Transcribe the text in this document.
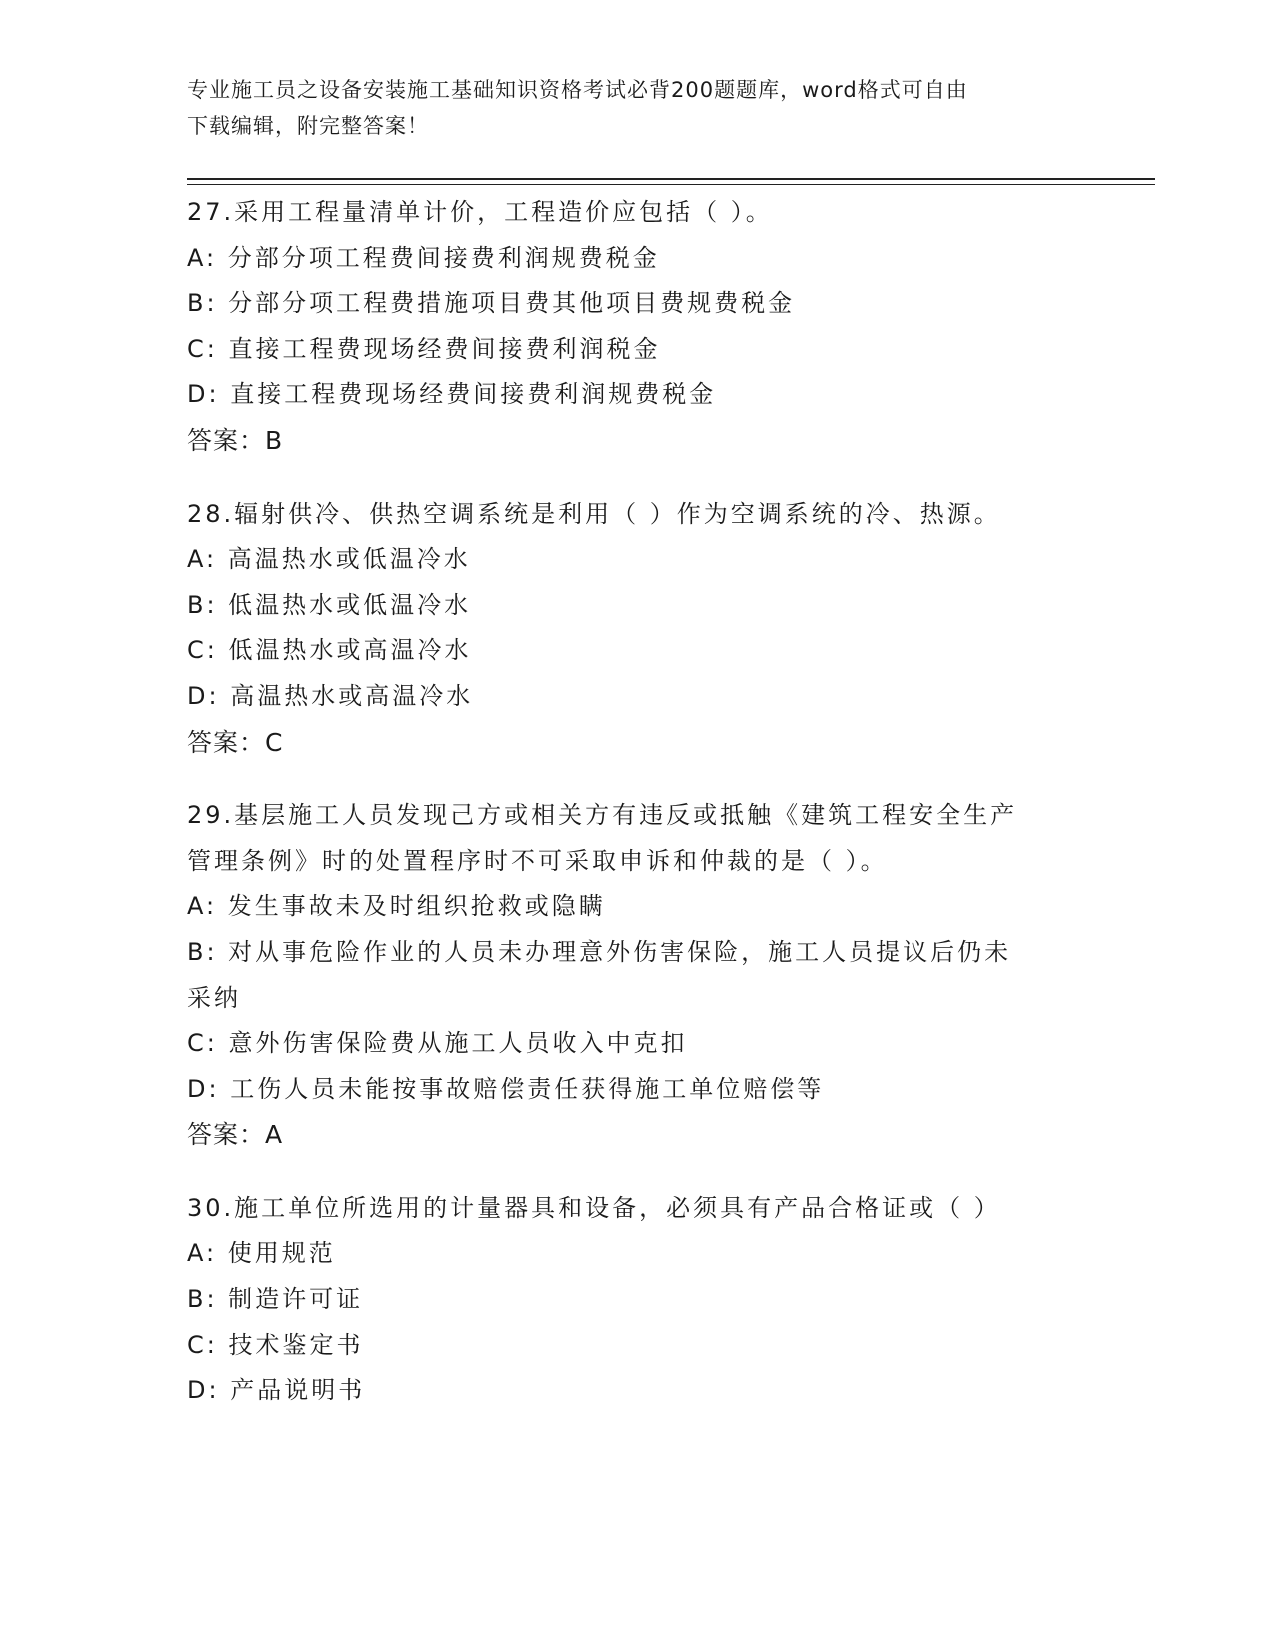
专业施工员之设备安装施工基础知识资格考试必背200题题库，word格式可自由
下载编辑，附完整答案！
27.采用工程量清单计价，工程造价应包括（ ）。
A: 分部分项工程费间接费利润规费税金
B: 分部分项工程费措施项目费其他项目费规费税金
C: 直接工程费现场经费间接费利润税金
D: 直接工程费现场经费间接费利润规费税金
答案：B
28.辐射供冷、供热空调系统是利用（ ）作为空调系统的冷、热源。
A: 高温热水或低温冷水
B: 低温热水或低温冷水
C: 低温热水或高温冷水
D: 高温热水或高温冷水
答案：C
29.基层施工人员发现己方或相关方有违反或抵触《建筑工程安全生产
管理条例》时的处置程序时不可采取申诉和仲裁的是（ ）。
A: 发生事故未及时组织抢救或隐瞒
B: 对从事危险作业的人员未办理意外伤害保险，施工人员提议后仍未
采纳
C: 意外伤害保险费从施工人员收入中克扣
D: 工伤人员未能按事故赔偿责任获得施工单位赔偿等
答案：A
30.施工单位所选用的计量器具和设备，必须具有产品合格证或（ ）
A: 使用规范
B: 制造许可证
C: 技术鉴定书
D: 产品说明书
